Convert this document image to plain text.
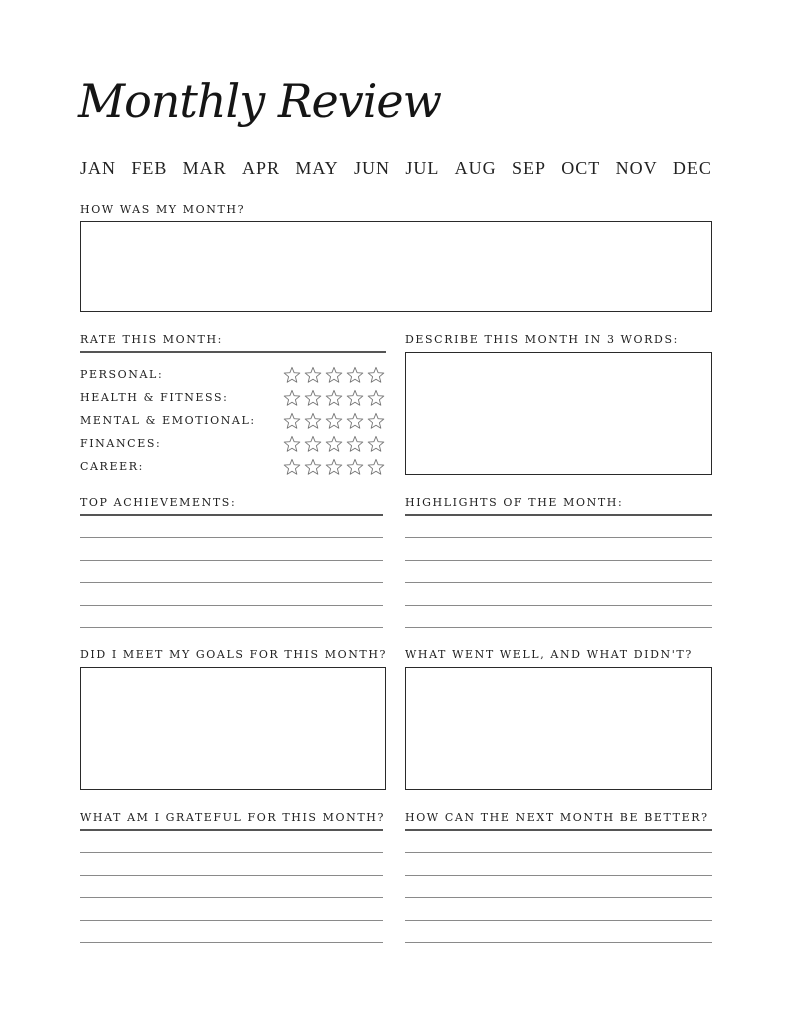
Monthly Review
JAN FEB MAR APR MAY JUN JUL AUG SEP OCT NOV DEC
HOW WAS MY MONTH?
RATE THIS MONTH:
PERSONAL:
HEALTH & FITNESS:
MENTAL & EMOTIONAL:
FINANCES:
CAREER:
DESCRIBE THIS MONTH IN 3 WORDS:
TOP ACHIEVEMENTS:	HIGHLIGHTS OF THE MONTH:
DID I MEET MY GOALS FOR THIS MONTH? WHAT WENT WELL, AND WHAT DIDN'T?
WHAT AM I GRATEFUL FOR THIS MONTH? HOW CAN THE NEXT MONTH BE BETTER?
